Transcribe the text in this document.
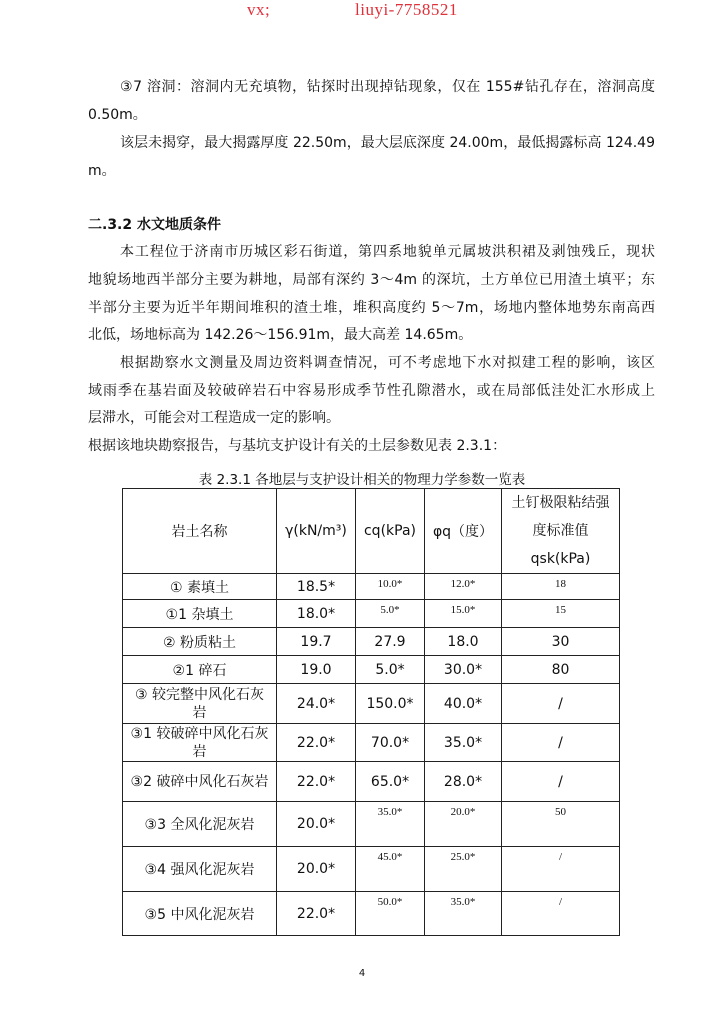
vx;	liuyi-7758521
③7 溶洞：溶洞内无充填物，钻探时出现掉钻现象，仅在 155#钻孔存在，溶洞高度
0.50m。
该层未揭穿，最大揭露厚度 22.50m，最大层底深度 24.00m，最低揭露标高 124.49
m。
二.3.2 水文地质条件
本工程位于济南市历城区彩石街道，第四系地貌单元属坡洪积裙及剥蚀残丘，现状
地貌场地西半部分主要为耕地，局部有深约 3～4m 的深坑，土方单位已用渣土填平；东
半部分主要为近半年期间堆积的渣土堆，堆积高度约 5～7m，场地内整体地势东南高西
北低，场地标高为 142.26～156.91m，最大高差 14.65m。
根据勘察水文测量及周边资料调查情况，可不考虑地下水对拟建工程的影响，该区
域雨季在基岩面及较破碎岩石中容易形成季节性孔隙潜水，或在局部低洼处汇水形成上
层滞水，可能会对工程造成一定的影响。
根据该地块勘察报告，与基坑支护设计有关的土层参数见表 2.3.1：
表 2.3.1 各地层与支护设计相关的物理力学参数一览表
岩土名称	γ(kN/m³)	cq(kPa)	φq（度）	土钉极限粘结强
度标准值
qsk(kPa)

① 素填土	18.5*	10.0*	12.0*	18
①1 杂填土	18.0*	5.0*	15.0*	15
② 粉质粘土	19.7	27.9	18.0	30
②1 碎石	19.0	5.0*	30.0*	80
③ 较完整中风化石灰岩	24.0*	150.0*	40.0*	/
③1 较破碎中风化石灰岩	22.0*	70.0*	35.0*	/
③2 破碎中风化石灰岩	22.0*	65.0*	28.0*	/
③3 全风化泥灰岩	20.0*	35.0*	20.0*	50
③4 强风化泥灰岩	20.0*	45.0*	25.0*	/
③5 中风化泥灰岩	22.0*	50.0*	35.0*	/
4
